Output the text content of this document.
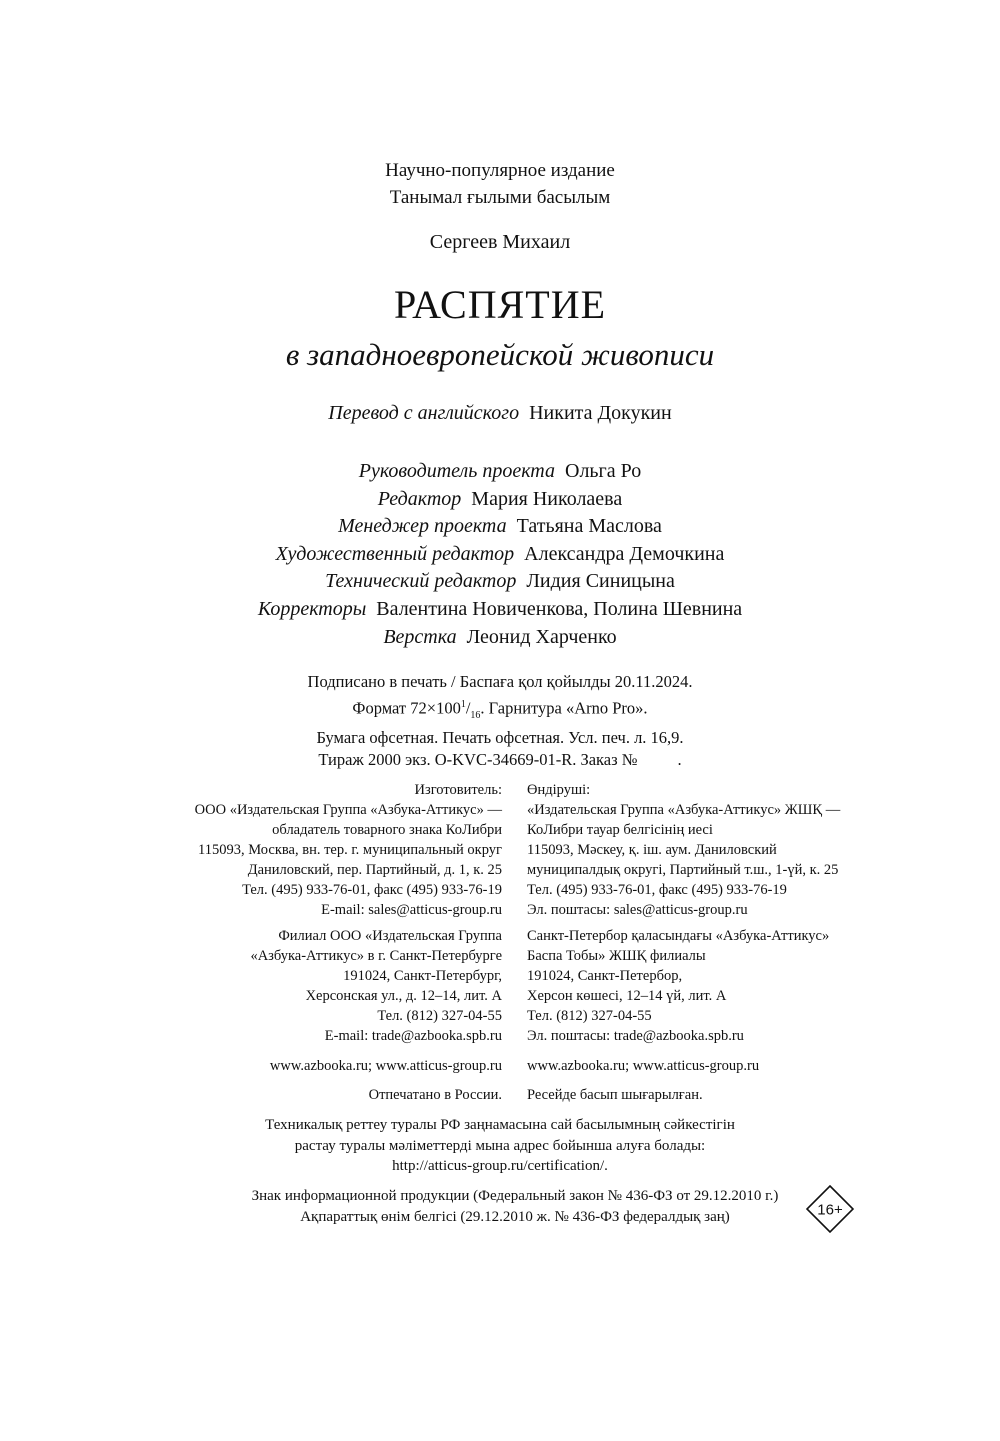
Научно-популярное издание
Танымал ғылыми басылым
Сергеев Михаил
РАСПЯТИЕ
в западноевропейской живописи
Перевод с английского Никита Докукин
Руководитель проекта Ольга Ро
Редактор Мария Николаева
Менеджер проекта Татьяна Маслова
Художественный редактор Александра Демочкина
Технический редактор Лидия Синицына
Корректоры Валентина Новиченкова, Полина Шевнина
Верстка Леонид Харченко
Подписано в печать / Баспаға қол қойылды 20.11.2024.
Формат $72\times 100^1/_{16}$. Гарнитура «Arno Pro».
Бумага офсетная. Печать офсетная. Усл. печ. л. 16,9.
Тираж 2000 экз. O-KVC-34669-01-R. Заказ № .
Изготовитель:
ООО «Издательская Группа «Азбука-Аттикус» —
обладатель товарного знака КоЛибри
115093, Москва, вн. тер. г. муниципальный округ
Даниловский, пер. Партийный, д. 1, к. 25
Тел. (495) 933-76-01, факс (495) 933-76-19
E-mail: sales@atticus-group.ru
Өндіруші:
«Издательская Группа «Азбука-Аттикус» ЖШҚ —
КоЛибри тауар белгісінің иесі
115093, Мәскеу, қ. іш. аум. Даниловский
муниципалдық округі, Партийный т.ш., 1-үй, к. 25
Тел. (495) 933-76-01, факс (495) 933-76-19
Эл. поштасы: sales@atticus-group.ru
Филиал ООО «Издательская Группа
«Азбука-Аттикус» в г. Санкт-Петербурге
191024, Санкт-Петербург,
Херсонская ул., д. 12–14, лит. А
Тел. (812) 327-04-55
E-mail: trade@azbooka.spb.ru
Санкт-Петербор қаласындағы «Азбука-Аттикус»
Баспа Тобы» ЖШҚ филиалы
191024, Санкт-Петербор,
Херсон көшесі, 12–14 үй, лит. А
Тел. (812) 327-04-55
Эл. поштасы: trade@azbooka.spb.ru
www.azbooka.ru; www.atticus-group.ru www.azbooka.ru; www.atticus-group.ru
Отпечатано в России. Ресейде басып шығарылған.
Техникалық реттеу туралы РФ заңнамасына сай басылымның сәйкестігін
растау туралы мәліметтерді мына адрес бойынша алуға болады:
http://atticus-group.ru/certification/.
Знак информационной продукции (Федеральный закон № 436-ФЗ от 29.12.2010 г.)
Ақпараттық өнім белгісі (29.12.2010 ж. № 436-ФЗ федералдық заң)	16+
